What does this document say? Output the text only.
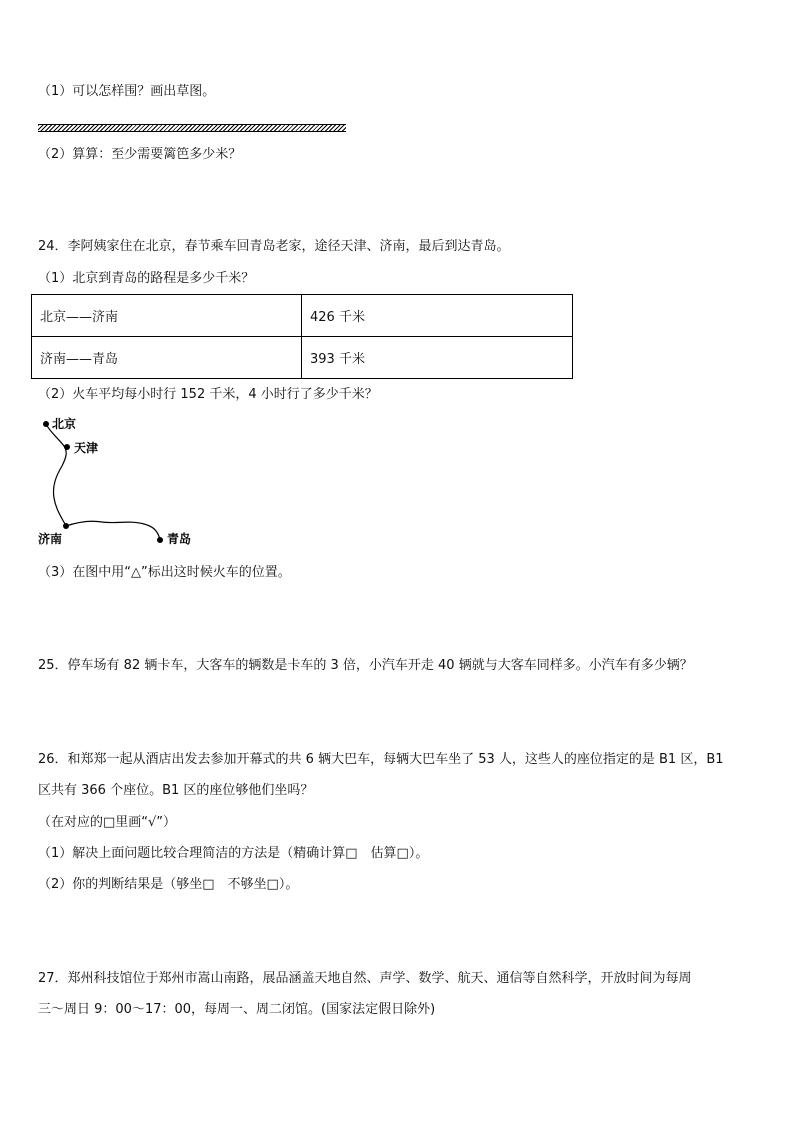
（1）可以怎样围？画出草图。
（2）算算：至少需要篱笆多少米？
24．李阿姨家住在北京，春节乘车回青岛老家，途径天津、济南，最后到达青岛。
（1）北京到青岛的路程是多少千米？
北京——济南	426 千米
济南——青岛	393 千米
（2）火车平均每小时行 152 千米，4 小时行了多少千米？
北京
天津
济南	青岛
（3）在图中用“△”标出这时候火车的位置。
25．停车场有 82 辆卡车，大客车的辆数是卡车的 3 倍，小汽车开走 40 辆就与大客车同样多。小汽车有多少辆？
26．和郑郑一起从酒店出发去参加开幕式的共 6 辆大巴车，每辆大巴车坐了 53 人，这些人的座位指定的是 B1 区，B1
区共有 366 个座位。B1 区的座位够他们坐吗？
（在对应的□里画“√”）
（1）解决上面问题比较合理简洁的方法是（精确计算□　估算□）。
（2）你的判断结果是（够坐□　不够坐□）。
27．郑州科技馆位于郑州市嵩山南路，展品涵盖天地自然、声学、数学、航天、通信等自然科学，开放时间为每周
三～周日 9：00～17：00，每周一、周二闭馆。(国家法定假日除外)
